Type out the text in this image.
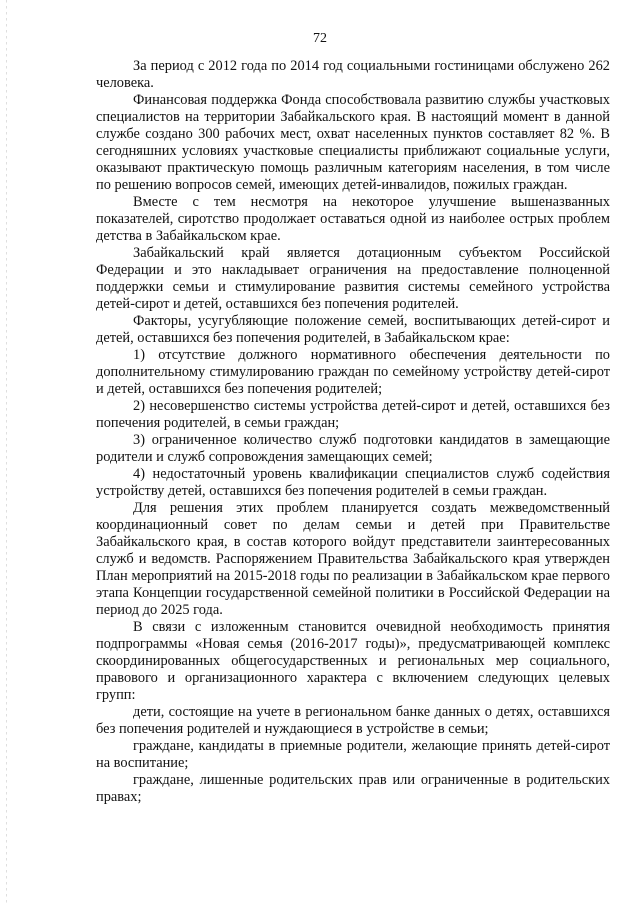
72

За период с 2012 года по 2014 год социальными гостиницами обслужено 262 человека.

Финансовая поддержка Фонда способствовала развитию службы участковых специалистов на территории Забайкальского края. В настоящий момент в данной службе создано 300 рабочих мест, охват населенных пунктов составляет 82 %. В сегодняшних условиях участковые специалисты приближают социальные услуги, оказывают практическую помощь различным категориям населения, в том числе по решению вопросов семей, имеющих детей-инвалидов, пожилых граждан.

Вместе с тем несмотря на некоторое улучшение вышеназванных показателей, сиротство продолжает оставаться одной из наиболее острых проблем детства в Забайкальском крае.

Забайкальский край является дотационным субъектом Российской Федерации и это накладывает ограничения на предоставление полноценной поддержки семьи и стимулирование развития системы семейного устройства детей-сирот и детей, оставшихся без попечения родителей.

Факторы, усугубляющие положение семей, воспитывающих детей-сирот и детей, оставшихся без попечения родителей, в Забайкальском крае:

1) отсутствие должного нормативного обеспечения деятельности по дополнительному стимулированию граждан по семейному устройству детей-сирот и детей, оставшихся без попечения родителей;

2) несовершенство системы устройства детей-сирот и детей, оставшихся без попечения родителей, в семьи граждан;

3) ограниченное количество служб подготовки кандидатов в замещающие родители и служб сопровождения замещающих семей;

4) недостаточный уровень квалификации специалистов служб содействия устройству детей, оставшихся без попечения родителей в семьи граждан.

Для решения этих проблем планируется создать межведомственный координационный совет по делам семьи и детей при Правительстве Забайкальского края, в состав которого войдут представители заинтересованных служб и ведомств. Распоряжением Правительства Забайкальского края утвержден План мероприятий на 2015-2018 годы по реализации в Забайкальском крае первого этапа Концепции государственной семейной политики в Российской Федерации на период до 2025 года.

В связи с изложенным становится очевидной необходимость принятия подпрограммы «Новая семья (2016-2017 годы)», предусматривающей комплекс скоординированных общегосударственных и региональных мер социального, правового и организационного характера с включением следующих целевых групп:

дети, состоящие на учете в региональном банке данных о детях, оставшихся без попечения родителей и нуждающиеся в устройстве в семьи;

граждане, кандидаты в приемные родители, желающие принять детей-сирот на воспитание;

граждане, лишенные родительских прав или ограниченные в родительских правах;
